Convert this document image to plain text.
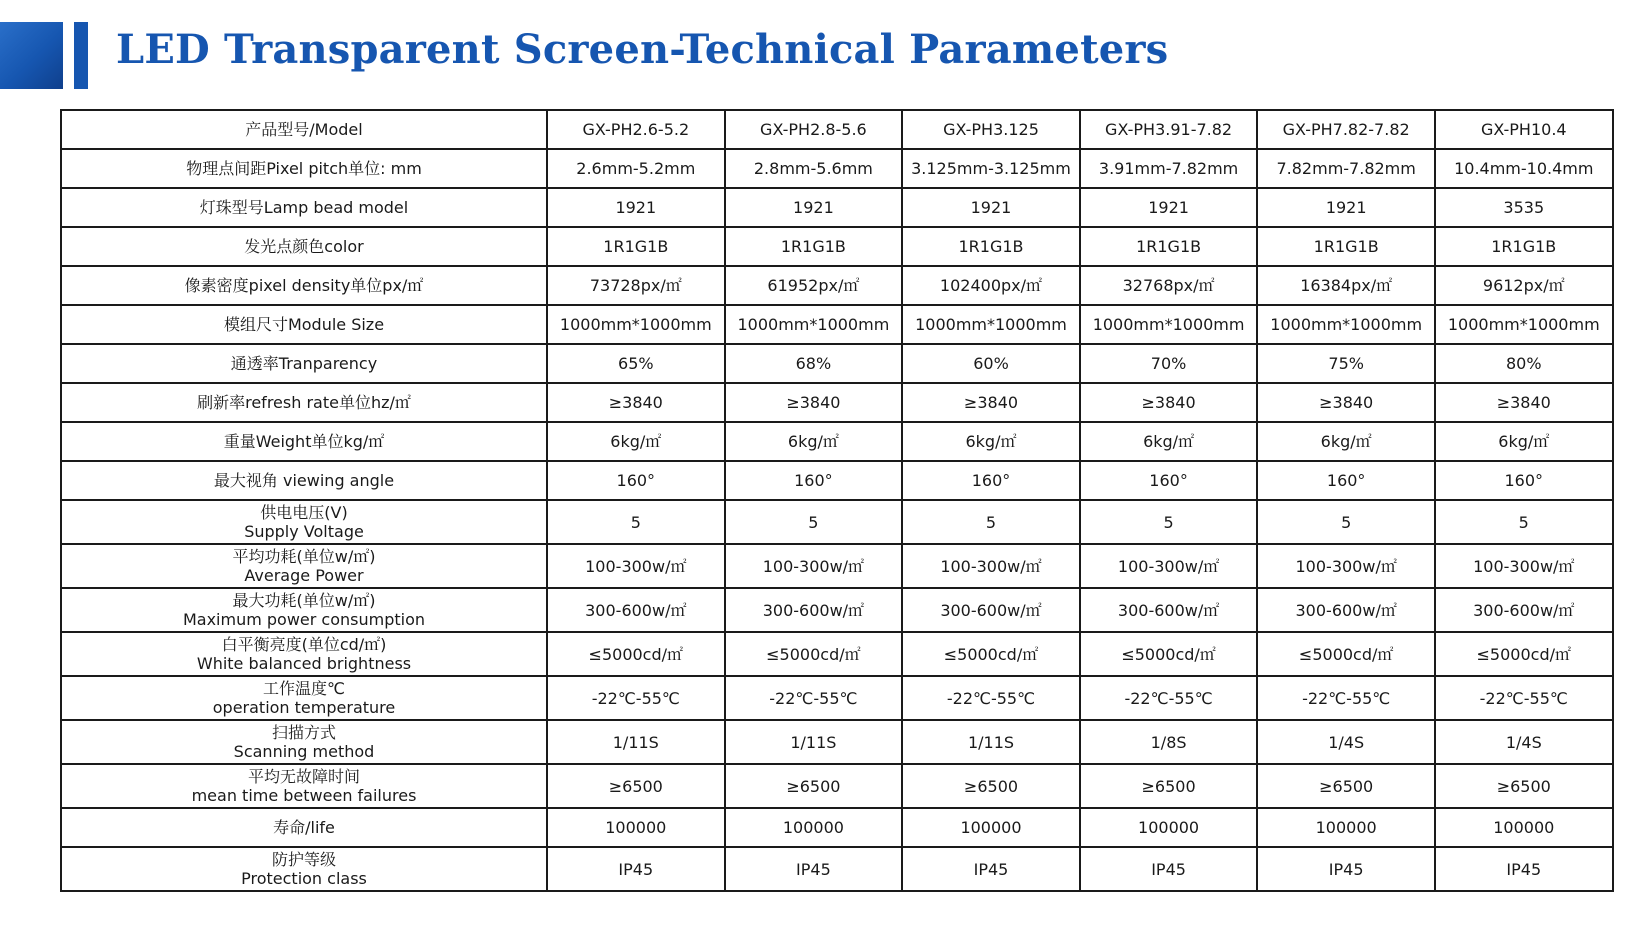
LED Transparent Screen-Technical Parameters
产品型号/Model	GX-PH2.6-5.2	GX-PH2.8-5.6	GX-PH3.125	GX-PH3.91-7.82	GX-PH7.82-7.82	GX-PH10.4

物理点间距Pixel pitch单位: mm	2.6mm-5.2mm	2.8mm-5.6mm	3.125mm-3.125mm	3.91mm-7.82mm	7.82mm-7.82mm	10.4mm-10.4mm

灯珠型号Lamp bead model	1921	1921	1921	1921	1921	3535

发光点颜色color	1R1G1B	1R1G1B	1R1G1B	1R1G1B	1R1G1B	1R1G1B

像素密度pixel density单位px/㎡	73728px/㎡	61952px/㎡	102400px/㎡	32768px/㎡	16384px/㎡	9612px/㎡

模组尺寸Module Size	1000mm*1000mm	1000mm*1000mm	1000mm*1000mm	1000mm*1000mm	1000mm*1000mm	1000mm*1000mm

通透率Tranparency	65%	68%	60%	70%	75%	80%

刷新率refresh rate单位hz/㎡	≥3840	≥3840	≥3840	≥3840	≥3840	≥3840

重量Weight单位kg/㎡	6kg/㎡	6kg/㎡	6kg/㎡	6kg/㎡	6kg/㎡	6kg/㎡

最大视角 viewing angle	160°	160°	160°	160°	160°	160°

供电电压(V)
Supply Voltage	5	5	5	5	5	5

平均功耗(单位w/㎡)
Average Power	100-300w/㎡	100-300w/㎡	100-300w/㎡	100-300w/㎡	100-300w/㎡	100-300w/㎡

最大功耗(单位w/㎡)
Maximum power consumption	300-600w/㎡	300-600w/㎡	300-600w/㎡	300-600w/㎡	300-600w/㎡	300-600w/㎡

白平衡亮度(单位cd/㎡)
White balanced brightness	≤5000cd/㎡	≤5000cd/㎡	≤5000cd/㎡	≤5000cd/㎡	≤5000cd/㎡	≤5000cd/㎡

工作温度℃
operation temperature	-22℃-55℃	-22℃-55℃	-22℃-55℃	-22℃-55℃	-22℃-55℃	-22℃-55℃

扫描方式
Scanning method	1/11S	1/11S	1/11S	1/8S	1/4S	1/4S

平均无故障时间
mean time between failures	≥6500	≥6500	≥6500	≥6500	≥6500	≥6500

寿命/life	100000	100000	100000	100000	100000	100000

防护等级
Protection class	IP45	IP45	IP45	IP45	IP45	IP45
